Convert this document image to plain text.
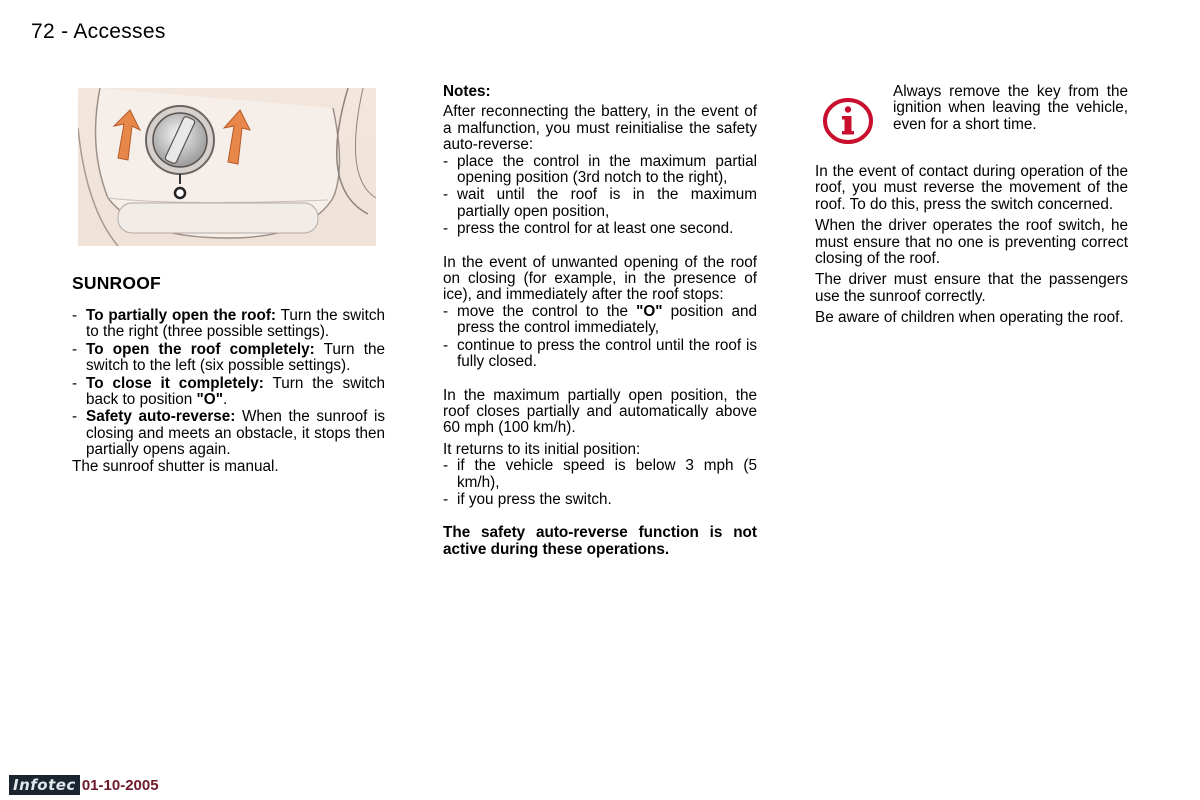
72 - Accesses
SUNROOF
- To partially open the roof: Turn the switch to the right (three possible settings).
- To open the roof completely: Turn the switch to the left (six possible settings).
- To close it completely: Turn the switch back to position "O".
- Safety auto-reverse: When the sunroof is closing and meets an obstacle, it stops then partially opens again.

The sunroof shutter is manual.

Notes:

After reconnecting the battery, in the event of a malfunction, you must reinitialise the safety auto-reverse:

- place the control in the maximum partial opening position (3rd notch to the right),
- wait until the roof is in the maximum partially open position,
- press the control for at least one second.

In the event of unwanted opening of the roof on closing (for example, in the presence of ice), and immediately after the roof stops:

- move the control to the "O" position and press the control immediately,
- continue to press the control until the roof is fully closed.

In the maximum partially open position, the roof closes partially and automatically above 60 mph (100 km/h).

It returns to its initial position:

- if the vehicle speed is below 3 mph (5 km/h),
- if you press the switch.

The safety auto-reverse function is not active during these operations.

Always remove the key from the ignition when leaving the vehicle, even for a short time.

In the event of contact during operation of the roof, you must reverse the movement of the roof. To do this, press the switch concerned.

When the driver operates the roof switch, he must ensure that no one is preventing correct closing of the roof.

The driver must ensure that the passengers use the sunroof correctly.

Be aware of children when operating the roof.

Infotec 01-10-2005
